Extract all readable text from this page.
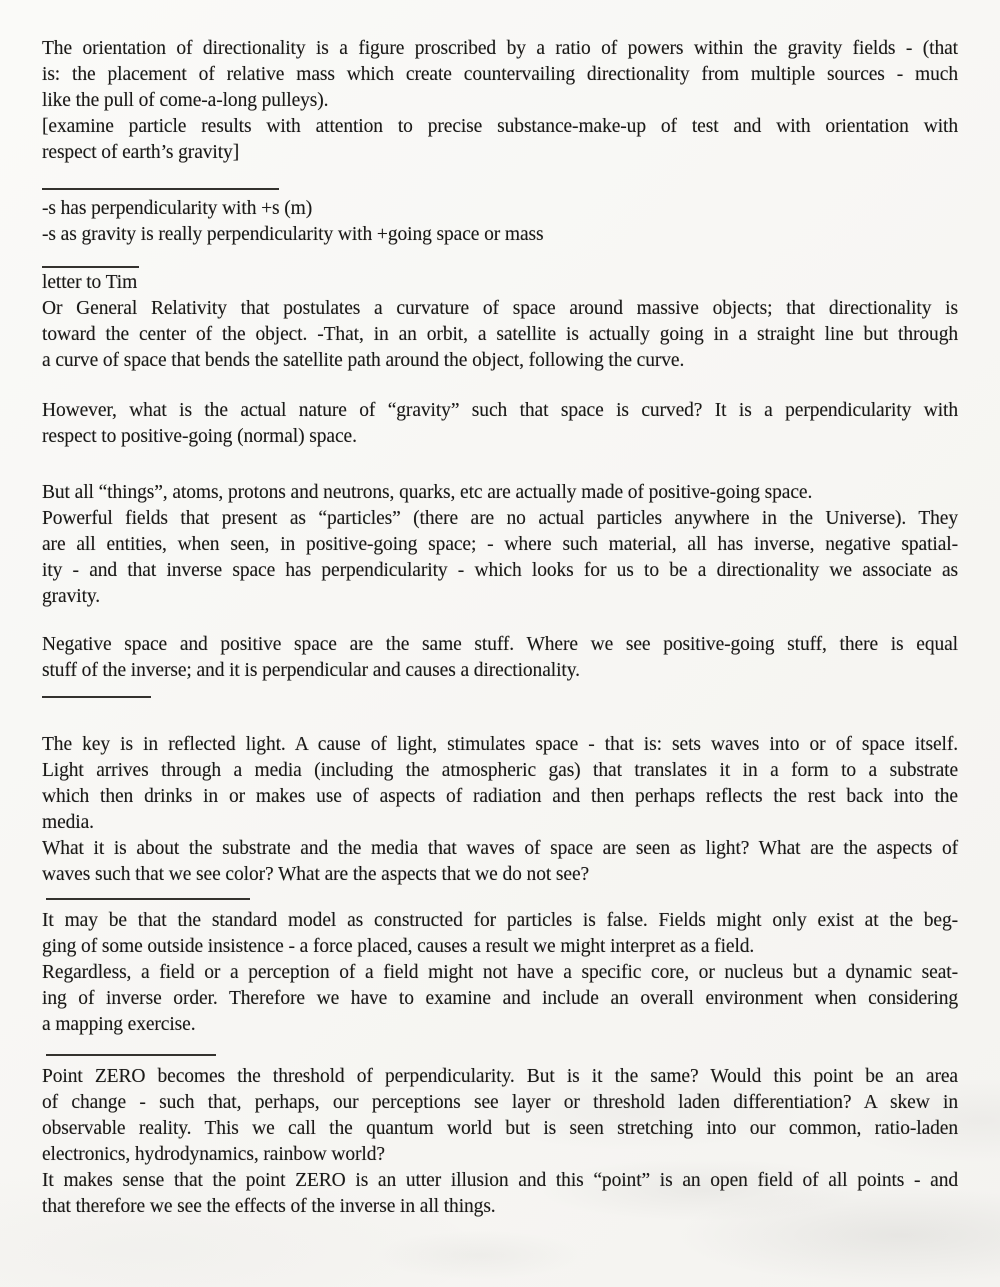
The orientation of directionality is a figure proscribed by a ratio of powers within the gravity fields - (that
is: the placement of relative mass which create countervailing directionality from multiple sources - much
like the pull of come-a-long pulleys).
[examine particle results with attention to precise substance-make-up of test and with orientation with
respect of earth’s gravity]
-s has perpendicularity with +s (m)
-s as gravity is really perpendicularity with +going space or mass
letter to Tim
Or General Relativity that postulates a curvature of space around massive objects; that directionality is
toward the center of the object. -That, in an orbit, a satellite is actually going in a straight line but through
a curve of space that bends the satellite path around the object, following the curve.
However, what is the actual nature of “gravity” such that space is curved? It is a perpendicularity with
respect to positive-going (normal) space.
But all “things”, atoms, protons and neutrons, quarks, etc are actually made of positive-going space.
Powerful fields that present as “particles” (there are no actual particles anywhere in the Universe). They
are all entities, when seen, in positive-going space; - where such material, all has inverse, negative spatial-
ity - and that inverse space has perpendicularity - which looks for us to be a directionality we associate as
gravity.
Negative space and positive space are the same stuff. Where we see positive-going stuff, there is equal
stuff of the inverse; and it is perpendicular and causes a directionality.
The key is in reflected light. A cause of light, stimulates space - that is: sets waves into or of space itself.
Light arrives through a media (including the atmospheric gas) that translates it in a form to a substrate
which then drinks in or makes use of aspects of radiation and then perhaps reflects the rest back into the
media.
What it is about the substrate and the media that waves of space are seen as light? What are the aspects of
waves such that we see color? What are the aspects that we do not see?
It may be that the standard model as constructed for particles is false. Fields might only exist at the beg-
ging of some outside insistence - a force placed, causes a result we might interpret as a field.
Regardless, a field or a perception of a field might not have a specific core, or nucleus but a dynamic seat-
ing of inverse order. Therefore we have to examine and include an overall environment when considering
a mapping exercise.
Point ZERO becomes the threshold of perpendicularity. But is it the same? Would this point be an area
of change - such that, perhaps, our perceptions see layer or threshold laden differentiation? A skew in
observable reality. This we call the quantum world but is seen stretching into our common, ratio-laden
electronics, hydrodynamics, rainbow world?
It makes sense that the point ZERO is an utter illusion and this “point” is an open field of all points - and
that therefore we see the effects of the inverse in all things.
